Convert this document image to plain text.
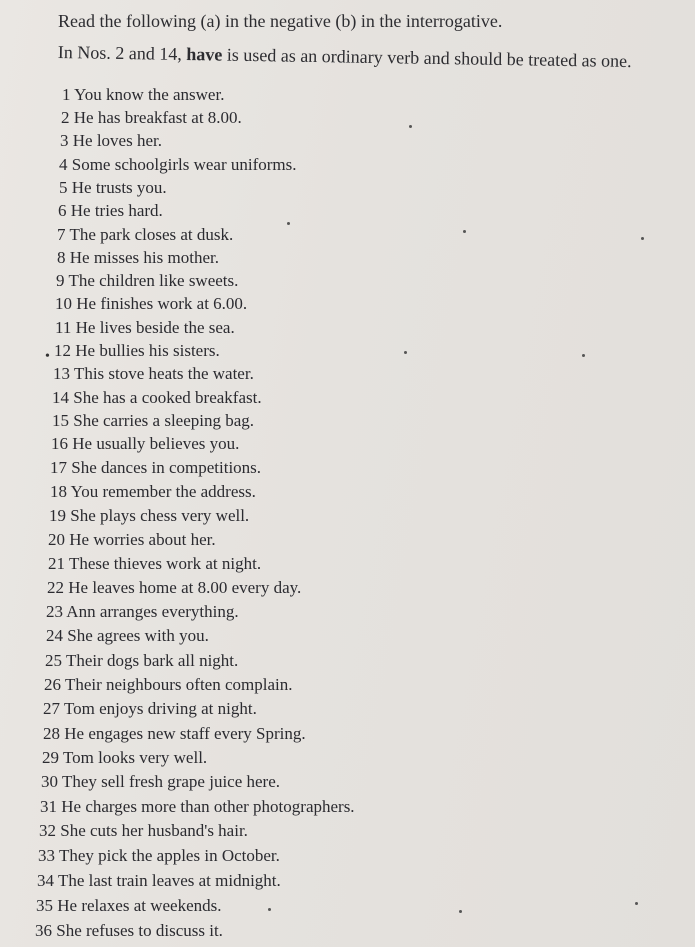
Read the following (a) in the negative (b) in the interrogative.
In Nos. 2 and 14, have is used as an ordinary verb and should be treated as one.
1 You know the answer.
2 He has breakfast at 8.00.
3 He loves her.
4 Some schoolgirls wear uniforms.
5 He trusts you.
6 He tries hard.
7 The park closes at dusk.
8 He misses his mother.
9 The children like sweets.
10 He finishes work at 6.00.
11 He lives beside the sea.
12 He bullies his sisters.
13 This stove heats the water.
14 She has a cooked breakfast.
15 She carries a sleeping bag.
16 He usually believes you.
17 She dances in competitions.
18 You remember the address.
19 She plays chess very well.
20 He worries about her.
21 These thieves work at night.
22 He leaves home at 8.00 every day.
23 Ann arranges everything.
24 She agrees with you.
25 Their dogs bark all night.
26 Their neighbours often complain.
27 Tom enjoys driving at night.
28 He engages new staff every Spring.
29 Tom looks very well.
30 They sell fresh grape juice here.
31 He charges more than other photographers.
32 She cuts her husband's hair.
33 They pick the apples in October.
34 The last train leaves at midnight.
35 He relaxes at weekends.
36 She refuses to discuss it.
•
